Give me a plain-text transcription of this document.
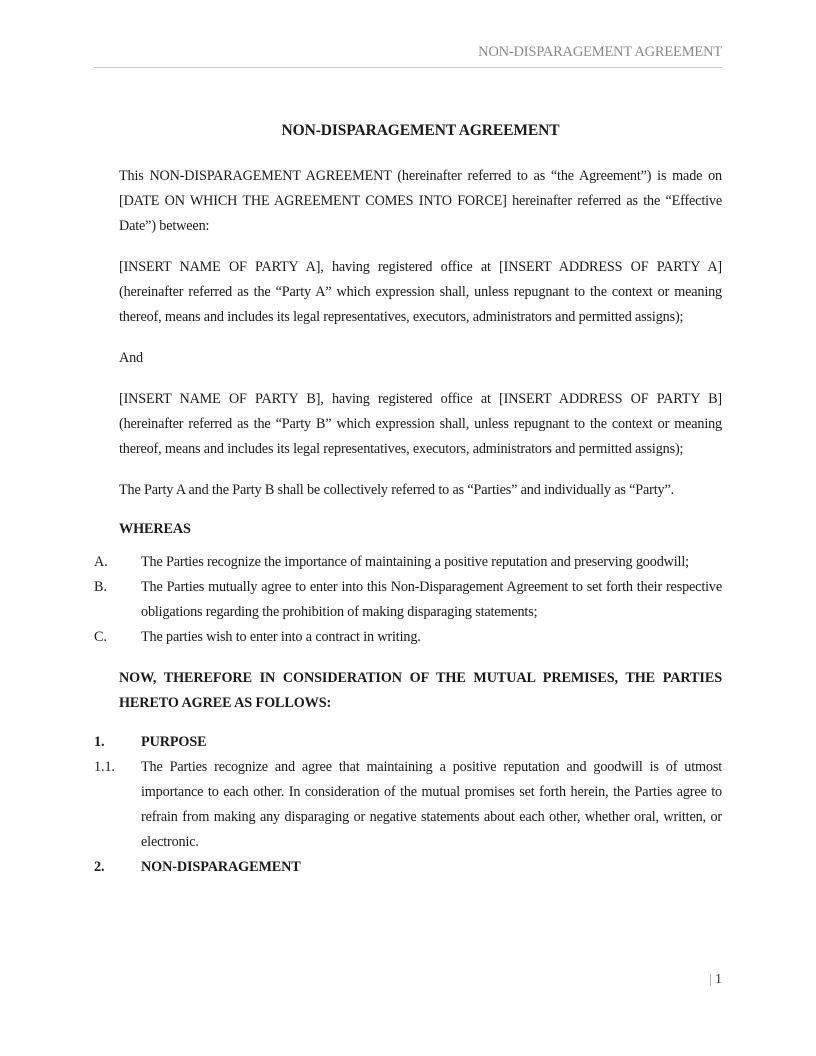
NON-DISPARAGEMENT AGREEMENT
NON-DISPARAGEMENT AGREEMENT

This NON-DISPARAGEMENT AGREEMENT (hereinafter referred to as “the Agreement”) is made on [DATE ON WHICH THE AGREEMENT COMES INTO FORCE] hereinafter referred as the “Effective Date”) between:

[INSERT NAME OF PARTY A], having registered office at [INSERT ADDRESS OF PARTY A] (hereinafter referred as the “Party A” which expression shall, unless repugnant to the context or meaning thereof, means and includes its legal representatives, executors, administrators and permitted assigns);

And

[INSERT NAME OF PARTY B], having registered office at [INSERT ADDRESS OF PARTY B] (hereinafter referred as the “Party B” which expression shall, unless repugnant to the context or meaning thereof, means and includes its legal representatives, executors, administrators and permitted assigns);

The Party A and the Party B shall be collectively referred to as “Parties” and individually as “Party”.

WHEREAS
A.	The Parties recognize the importance of maintaining a positive reputation and preserving goodwill;
B.	The Parties mutually agree to enter into this Non-Disparagement Agreement to set forth their respective obligations regarding the prohibition of making disparaging statements;
C.	The parties wish to enter into a contract in writing.

NOW, THEREFORE IN CONSIDERATION OF THE MUTUAL PREMISES, THE PARTIES HERETO AGREE AS FOLLOWS:

1.	PURPOSE
1.1.	The Parties recognize and agree that maintaining a positive reputation and goodwill is of utmost importance to each other. In consideration of the mutual promises set forth herein, the Parties agree to refrain from making any disparaging or negative statements about each other, whether oral, written, or electronic.
2.	NON-DISPARAGEMENT
| 1
